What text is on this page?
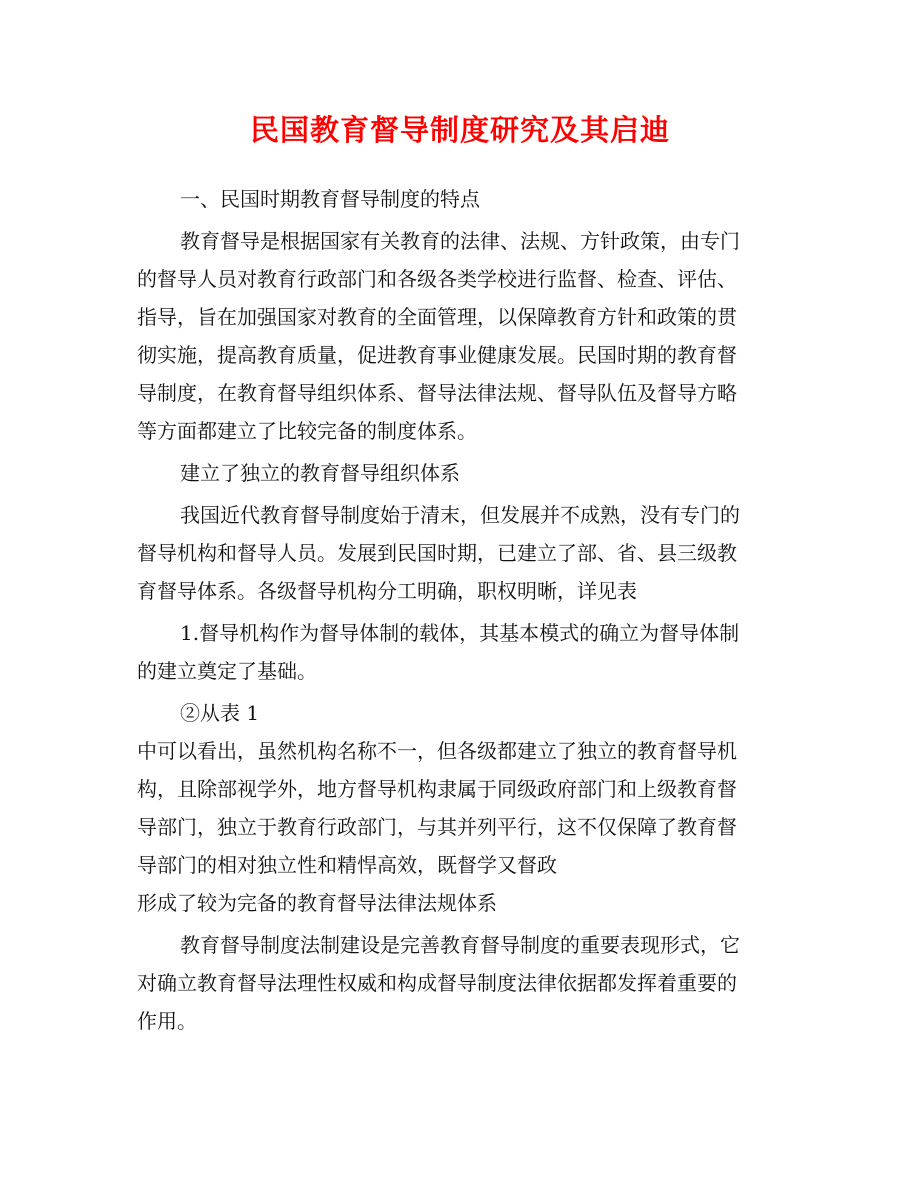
民国教育督导制度研究及其启迪

一、民国时期教育督导制度的特点

教育督导是根据国家有关教育的法律、法规、方针政策，由专门
的督导人员对教育行政部门和各级各类学校进行监督、检查、评估、
指导，旨在加强国家对教育的全面管理，以保障教育方针和政策的贯
彻实施，提高教育质量，促进教育事业健康发展。民国时期的教育督
导制度，在教育督导组织体系、督导法律法规、督导队伍及督导方略
等方面都建立了比较完备的制度体系。

建立了独立的教育督导组织体系

我国近代教育督导制度始于清末，但发展并不成熟，没有专门的
督导机构和督导人员。发展到民国时期，已建立了部、省、县三级教
育督导体系。各级督导机构分工明确，职权明晰，详见表

1.督导机构作为督导体制的载体，其基本模式的确立为督导体制
的建立奠定了基础。

②从表 1

中可以看出，虽然机构名称不一，但各级都建立了独立的教育督导机
构，且除部视学外，地方督导机构隶属于同级政府部门和上级教育督
导部门，独立于教育行政部门，与其并列平行，这不仅保障了教育督
导部门的相对独立性和精悍高效，既督学又督政

形成了较为完备的教育督导法律法规体系

教育督导制度法制建设是完善教育督导制度的重要表现形式，它
对确立教育督导法理性权威和构成督导制度法律依据都发挥着重要的
作用。
